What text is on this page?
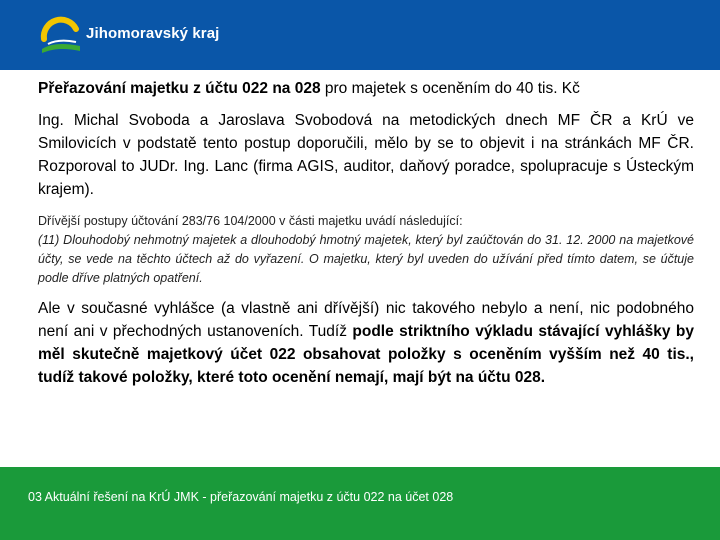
Jihomoravský kraj

Přeřazování majetku z účtu 022 na 028 pro majetek s oceněním do 40 tis. Kč

Ing. Michal Svoboda a Jaroslava Svobodová na metodických dnech MF ČR a KrÚ ve Smilovicích v podstatě tento postup doporučili, mělo by se to objevit i na stránkách MF ČR. Rozporoval to JUDr. Ing. Lanc (firma AGIS, auditor, daňový poradce, spolupracuje s Ústeckým krajem).

Dřívější postupy účtování 283/76 104/2000 v části majetku uvádí následující:
(11) Dlouhodobý nehmotný majetek a dlouhodobý hmotný majetek, který byl zaúčtován do 31. 12. 2000 na majetkové účty, se vede na těchto účtech až do vyřazení. O majetku, který byl uveden do užívání před tímto datem, se účtuje podle dříve platných opatření.

Ale v současné vyhlášce (a vlastně ani dřívější) nic takového nebylo a není, nic podobného není ani v přechodných ustanoveních. Tudíž podle striktního výkladu stávající vyhlášky by měl skutečně majetkový účet 022 obsahovat položky s oceněním vyšším než 40 tis., tudíž takové položky, které toto ocenění nemají, mají být na účtu 028.

03 Aktuální řešení na KrÚ JMK - přeřazování majetku z účtu 022 na účet 028
